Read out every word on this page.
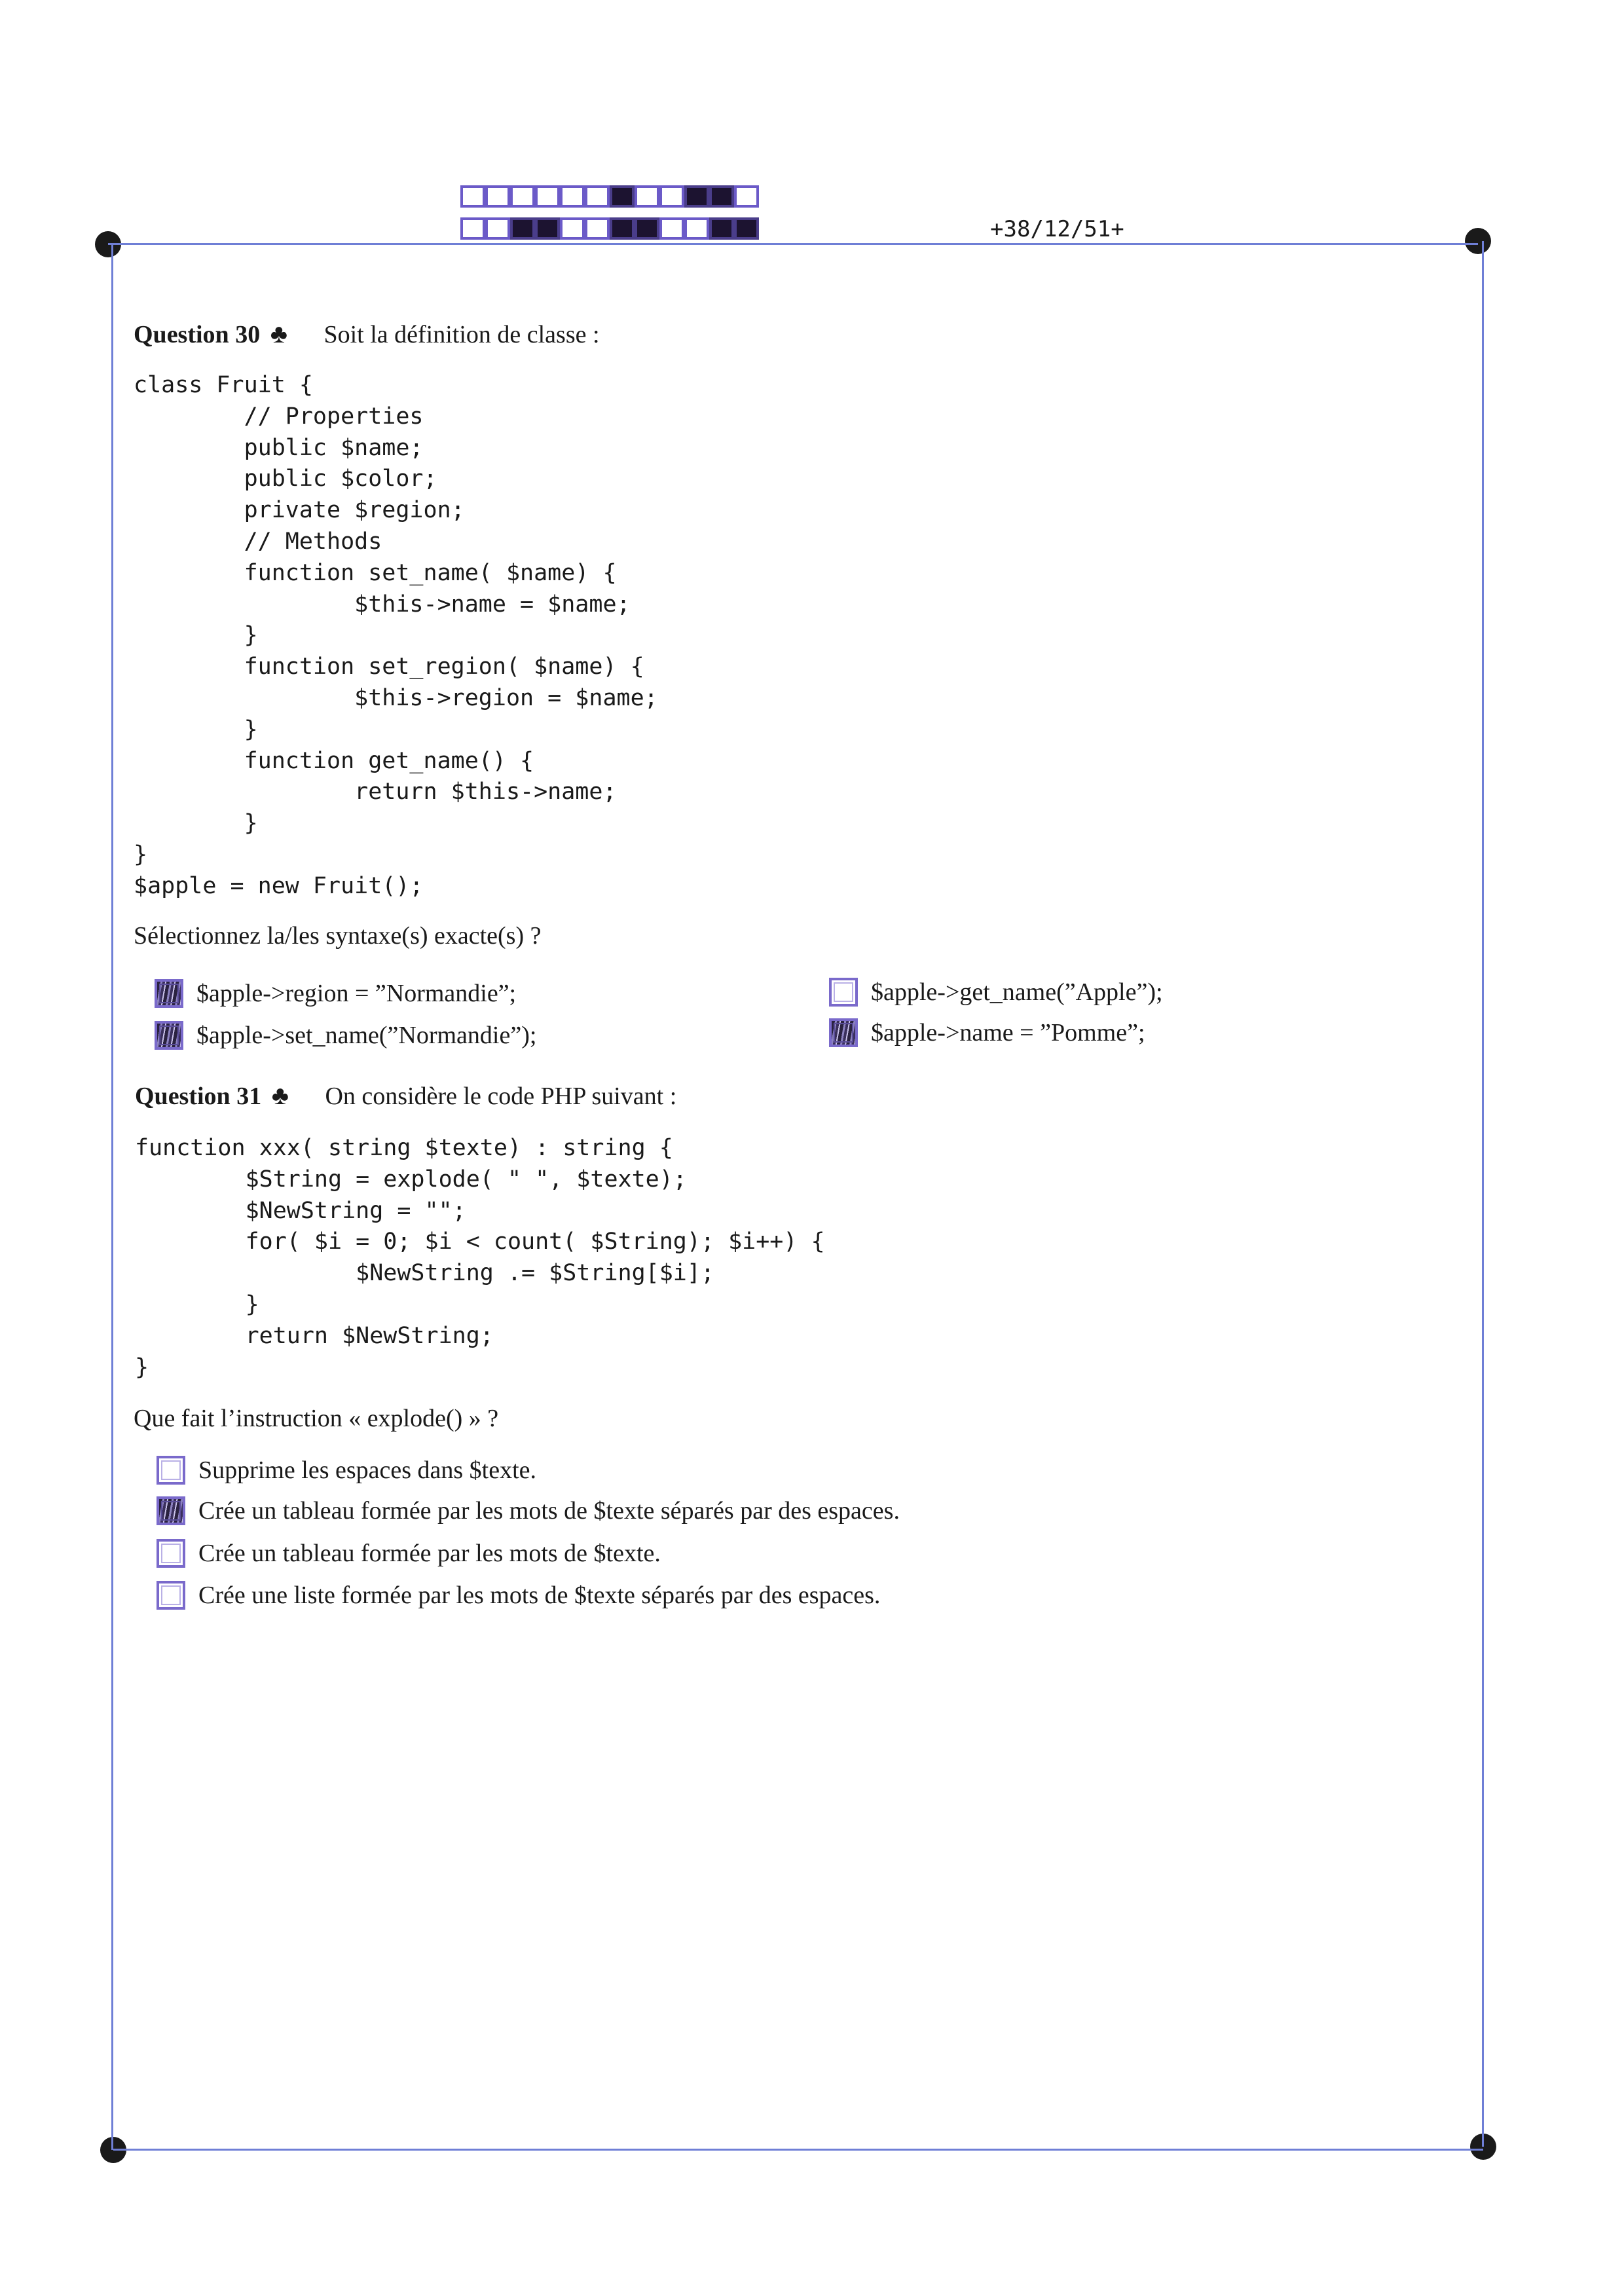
+38/12/51+
Question 30 ♣ Soit la définition de classe :
class Fruit {
// Properties
public $name;
public $color;
private $region;
// Methods
function set_name( $name) {
$this->name = $name;
}
function set_region( $name) {
$this->region = $name;
}
function get_name() {
return $this->name;
}
}
$apple = new Fruit();
Sélectionnez la/les syntaxe(s) exacte(s) ?
$apple->region = ”Normandie”;
$apple->set_name(”Normandie”);
$apple->get_name(”Apple”);
$apple->name = ”Pomme”;
Question 31 ♣ On considère le code PHP suivant :
function xxx( string $texte) : string {
$String = explode( " ", $texte);
$NewString = "";
for( $i = 0; $i < count( $String); $i++) {
$NewString .= $String[$i];
}
return $NewString;
}
Que fait l’instruction « explode() » ?
Supprime les espaces dans $texte.
Crée un tableau formée par les mots de $texte séparés par des espaces.
Crée un tableau formée par les mots de $texte.
Crée une liste formée par les mots de $texte séparés par des espaces.
